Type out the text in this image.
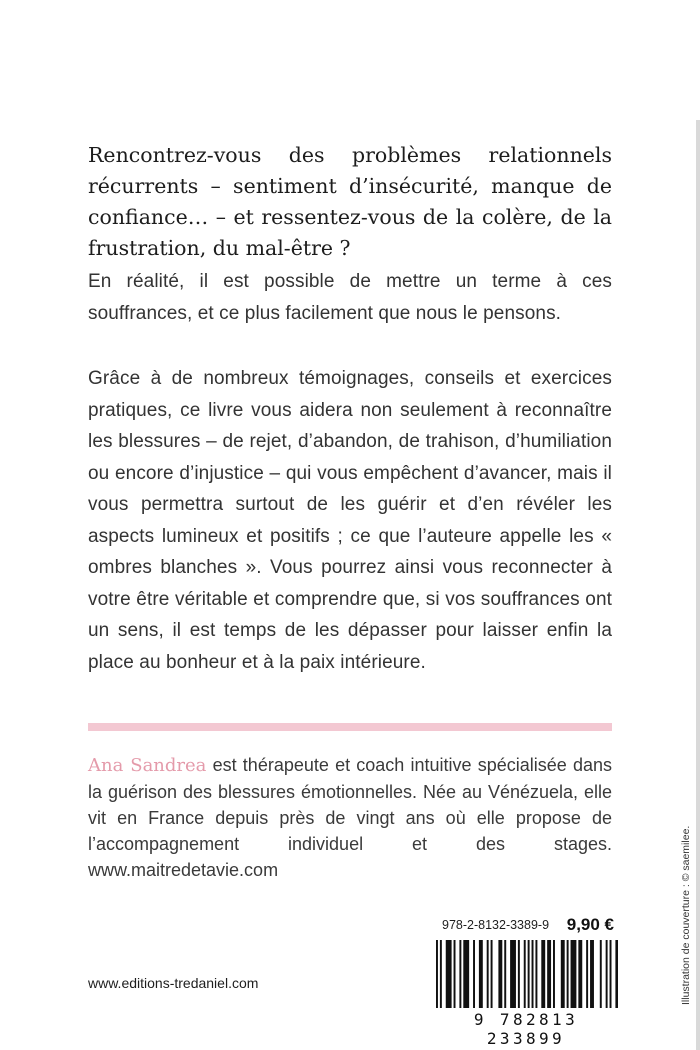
Rencontrez-vous des problèmes relationnels récurrents – sentiment d’insécurité, manque de confiance… – et ressentez-vous de la colère, de la frustration, du mal-être ?
En réalité, il est possible de mettre un terme à ces souffrances, et ce plus facilement que nous le pensons.
Grâce à de nombreux témoignages, conseils et exercices pratiques, ce livre vous aidera non seulement à reconnaître les blessures – de rejet, d’abandon, de trahison, d’humiliation ou encore d’injustice – qui vous empêchent d’avancer, mais il vous permettra surtout de les guérir et d’en révéler les aspects lumineux et positifs ; ce que l’auteure appelle les « ombres blanches ». Vous pourrez ainsi vous reconnecter à votre être véritable et comprendre que, si vos souffrances ont un sens, il est temps de les dépasser pour laisser enfin la place au bonheur et à la paix intérieure.
Ana Sandrea est thérapeute et coach intuitive spécialisée dans la guérison des blessures émotionnelles. Née au Vénézuela, elle vit en France depuis près de vingt ans où elle propose de l’accompagnement individuel et des stages. www.maitredetavie.com	Illustration de couverture : © saemilee.
www.editions-tredaniel.com
978-2-8132-3389-9 9,90 €
9 782813 233899
